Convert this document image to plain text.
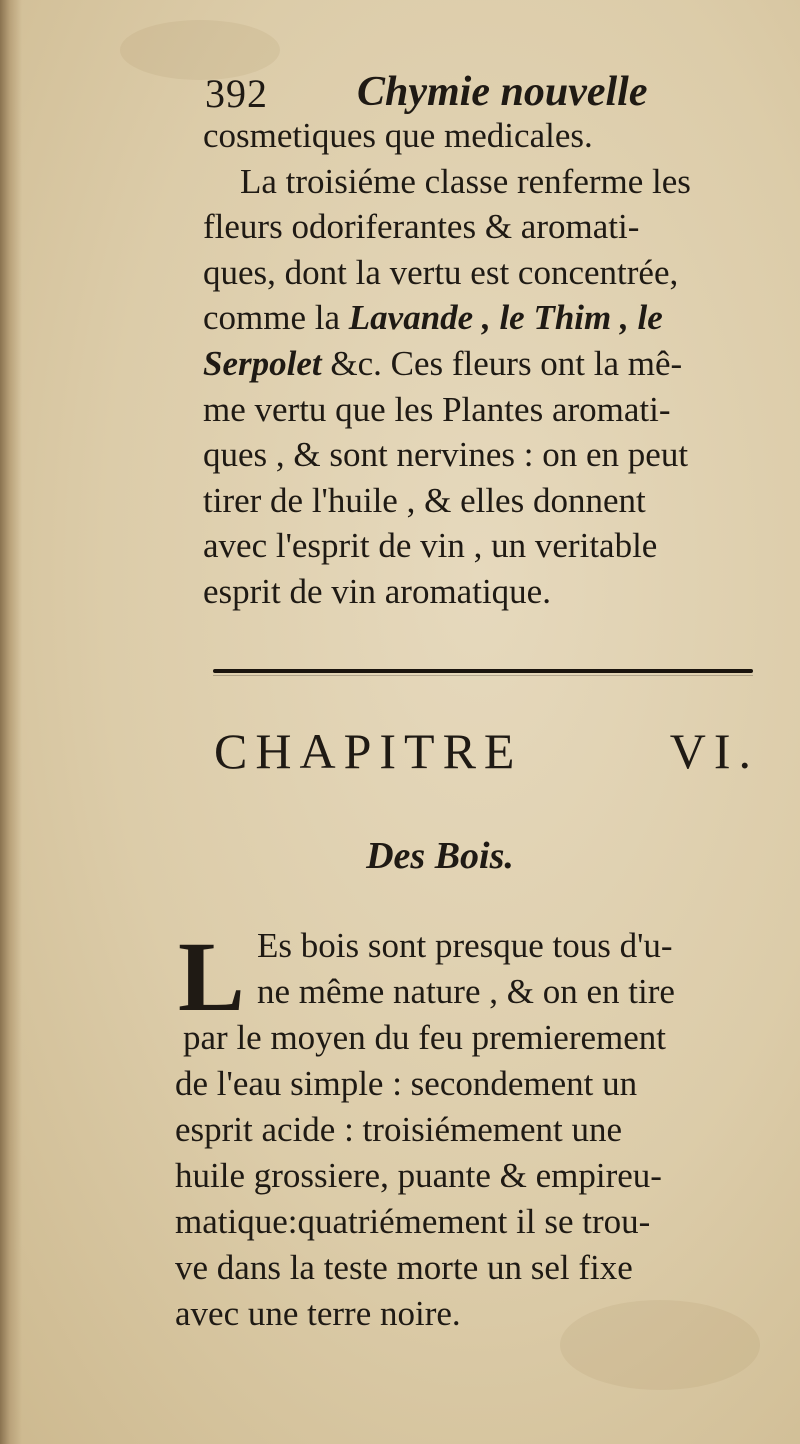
392 Chymie nouvelle
cosmetiques que medicales.
La troisiéme classe renferme les
fleurs odoriferantes & aromati-
ques, dont la vertu est concentrée,
comme la Lavande , le Thim , le
Serpolet &c. Ces fleurs ont la mê-
me vertu que les Plantes aromati-
ques , & sont nervines : on en peut
tirer de l'huile , & elles donnent
avec l'esprit de vin , un veritable
esprit de vin aromatique.
CHAPITRE	VI.
Des Bois.
L Es bois sont presque tous d'u-
ne même nature , & on en tire
par le moyen du feu premierement
de l'eau simple : secondement un
esprit acide : troisiémement une
huile grossiere, puante & empireu-
matique:quatriémement il se trou-
ve dans la teste morte un sel fixe
avec une terre noire.
